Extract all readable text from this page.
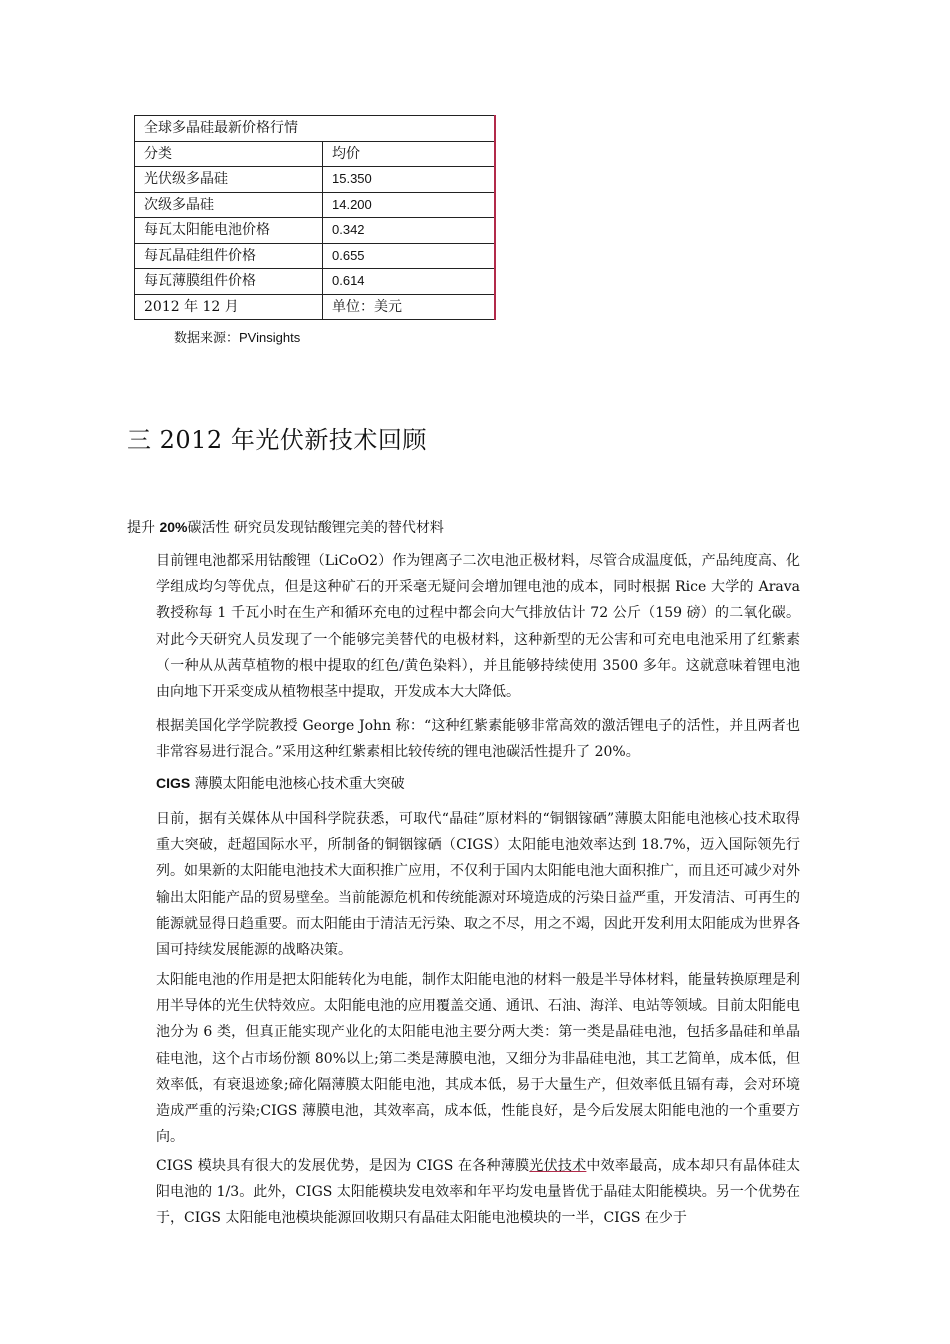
全球多晶硅最新价格行情	
分类	均价
光伏级多晶硅	15.350
次级多晶硅	14.200
每瓦太阳能电池价格	0.342
每瓦晶硅组件价格	0.655
每瓦薄膜组件价格	0.614
2012 年 12 月	单位：美元
数据来源：PVinsights
三 2012 年光伏新技术回顾
提升 20%碳活性 研究员发现钴酸锂完美的替代材料

目前锂电池都采用钴酸锂（LiCoO2）作为锂离子二次电池正极材料，尽管合成温度低，产品纯度高、化学组成均匀等优点，但是这种矿石的开采毫无疑问会增加锂电池的成本，同时根据 Rice 大学的 Arava 教授称每 1 千瓦小时在生产和循环充电的过程中都会向大气排放估计 72 公斤（159 磅）的二氧化碳。对此今天研究人员发现了一个能够完美替代的电极材料，这种新型的无公害和可充电电池采用了红紫素（一种从从茜草植物的根中提取的红色/黄色染料），并且能够持续使用 3500 多年。这就意味着锂电池由向地下开采变成从植物根茎中提取，开发成本大大降低。

根据美国化学学院教授 George John 称：“这种红紫素能够非常高效的激活锂电子的活性，并且两者也非常容易进行混合。”采用这种红紫素相比较传统的锂电池碳活性提升了 20%。

CIGS 薄膜太阳能电池核心技术重大突破

日前，据有关媒体从中国科学院获悉，可取代“晶硅”原材料的“铜铟镓硒”薄膜太阳能电池核心技术取得重大突破，赶超国际水平，所制备的铜铟镓硒（CIGS）太阳能电池效率达到 18.7%，迈入国际领先行列。如果新的太阳能电池技术大面积推广应用，不仅利于国内太阳能电池大面积推广，而且还可减少对外输出太阳能产品的贸易壁垒。当前能源危机和传统能源对环境造成的污染日益严重，开发清洁、可再生的能源就显得日趋重要。而太阳能由于清洁无污染、取之不尽，用之不竭，因此开发利用太阳能成为世界各国可持续发展能源的战略决策。

太阳能电池的作用是把太阳能转化为电能，制作太阳能电池的材料一般是半导体材料，能量转换原理是利用半导体的光生伏特效应。太阳能电池的应用覆盖交通、通讯、石油、海洋、电站等领域。目前太阳能电池分为 6 类，但真正能实现产业化的太阳能电池主要分两大类：第一类是晶硅电池，包括多晶硅和单晶硅电池，这个占市场份额 80%以上;第二类是薄膜电池，又细分为非晶硅电池，其工艺简单，成本低，但效率低，有衰退迹象;碲化隔薄膜太阳能电池，其成本低，易于大量生产，但效率低且镉有毒，会对环境造成严重的污染;CIGS 薄膜电池，其效率高，成本低，性能良好，是今后发展太阳能电池的一个重要方向。

CIGS 模块具有很大的发展优势，是因为 CIGS 在各种薄膜光伏技术中效率最高，成本却只有晶体硅太阳电池的 1/3。此外，CIGS 太阳能模块发电效率和年平均发电量皆优于晶硅太阳能模块。另一个优势在于，CIGS 太阳能电池模块能源回收期只有晶硅太阳能电池模块的一半，CIGS 在少于
